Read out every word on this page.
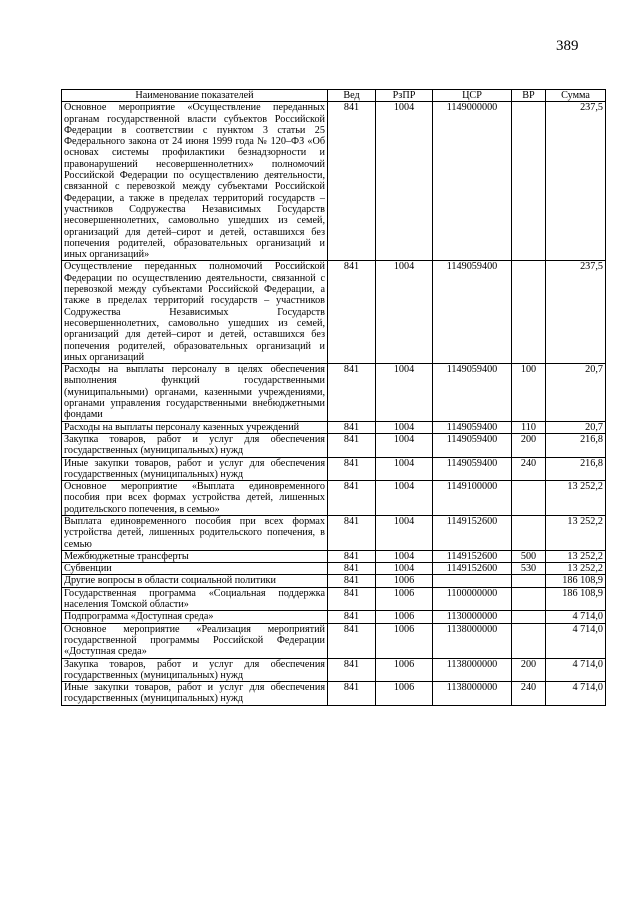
389
Наименование показателей	Вед	РзПР	ЦСР	ВР	Сумма
Основное мероприятие «Осуществление переданных органам государственной власти субъектов Российской Федерации в соответствии с пунктом 3 статьи 25 Федерального закона от 24 июня 1999 года № 120–ФЗ «Об основах системы профилактики безнадзорности и правонарушений несовершеннолетних» полномочий Российской Федерации по осуществлению деятельности, связанной с перевозкой между субъектами Российской Федерации, а также в пределах территорий государств – участников Содружества Независимых Государств несовершеннолетних, самовольно ушедших из семей, организаций для детей–сирот и детей, оставшихся без попечения родителей, образовательных организаций и иных организаций»	841	1004	1149000000		237,5
Осуществление переданных полномочий Российской Федерации по осуществлению деятельности, связанной с перевозкой между субъектами Российской Федерации, а также в пределах территорий государств – участников Содружества Независимых Государств несовершеннолетних, самовольно ушедших из семей, организаций для детей–сирот и детей, оставшихся без попечения родителей, образовательных организаций и иных организаций	841	1004	1149059400		237,5
Расходы на выплаты персоналу в целях обеспечения выполнения функций государственными (муниципальными) органами, казенными учреждениями, органами управления государственными внебюджетными фондами	841	1004	1149059400	100	20,7
Расходы на выплаты персоналу казенных учреждений	841	1004	1149059400	110	20,7
Закупка товаров, работ и услуг для обеспечения государственных (муниципальных) нужд	841	1004	1149059400	200	216,8
Иные закупки товаров, работ и услуг для обеспечения государственных (муниципальных) нужд	841	1004	1149059400	240	216,8
Основное мероприятие «Выплата единовременного пособия при всех формах устройства детей, лишенных родительского попечения, в семью»	841	1004	1149100000		13 252,2
Выплата единовременного пособия при всех формах устройства детей, лишенных родительского попечения, в семью	841	1004	1149152600		13 252,2
Межбюджетные трансферты	841	1004	1149152600	500	13 252,2
Субвенции	841	1004	1149152600	530	13 252,2
Другие вопросы в области социальной политики	841	1006			186 108,9
Государственная программа «Социальная поддержка населения Томской области»	841	1006	1100000000		186 108,9
Подпрограмма «Доступная среда»	841	1006	1130000000		4 714,0
Основное мероприятие «Реализация мероприятий государственной программы Российской Федерации «Доступная среда»	841	1006	1138000000		4 714,0
Закупка товаров, работ и услуг для обеспечения государственных (муниципальных) нужд	841	1006	1138000000	200	4 714,0
Иные закупки товаров, работ и услуг для обеспечения государственных (муниципальных) нужд	841	1006	1138000000	240	4 714,0
